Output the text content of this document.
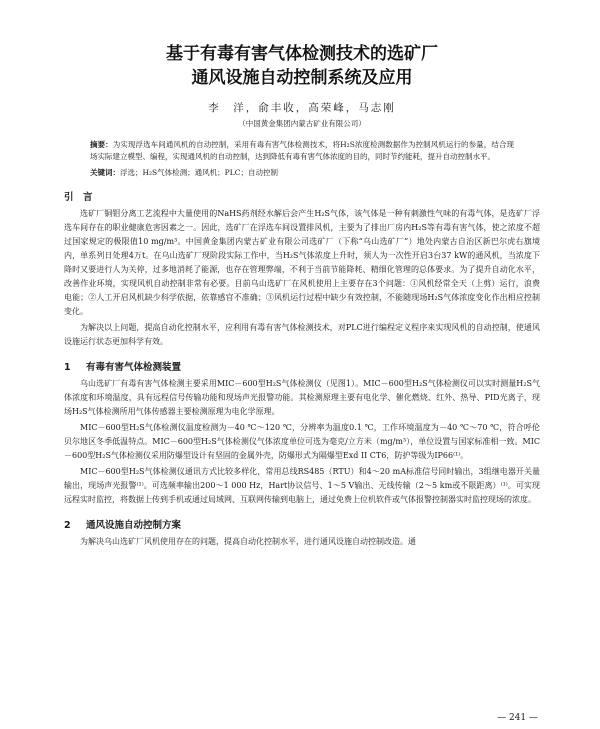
基于有毒有害气体检测技术的选矿厂
通风设施自动控制系统及应用
李　洋，俞丰收，高荣峰，马志刚
（中国黄金集团内蒙古矿业有限公司）
摘要：为实现浮选车间通风机的自动控制，采用有毒有害气体检测技术，将H₂S浓度检测数据作为控制风机运行的参量，结合现场实际建立模型、编程，实现通风机的自动控制，达到降低有毒有害气体浓度的目的，同时节约能耗，提升自动控制水平。
关键词：浮选；H₂S气体检测；通风机；PLC；自动控制
引　言

选矿厂铜钼分离工艺流程中大量使用的NaHS药剂经水解后会产生H₂S气体，该气体是一种有刺激性气味的有毒气体，是选矿厂浮选车间存在的职业健康危害因素之一。因此，选矿厂在浮选车间设置排风机，主要为了排出厂房内H₂S等有毒有害气体，使之浓度不超过国家规定的极限值10 mg/m³。中国黄金集团内蒙古矿业有限公司选矿厂（下称“乌山选矿厂”）地处内蒙古自治区新巴尔虎右旗境内，单系列日处理4万t。在乌山选矿厂现阶段实际工作中，当H₂S气体浓度上升时，须人为一次性开启3台37 kW的通风机，当浓度下降时又要进行人为关停，过多地消耗了能源，也存在管理弊端，不利于当前节能降耗、精细化管理的总体要求。为了提升自动化水平，改善作业环境，实现风机自动控制非常有必要。目前乌山选矿厂在风机使用上主要存在3个问题：①风机经常全天（上剪）运行，浪费电能；②人工开启风机缺少科学依据，依靠感官不准确；③风机运行过程中缺少有效控制，不能随现场H₂S气体浓度变化作出相应控制变化。

为解决以上问题，提高自动化控制水平，应利用有毒有害气体检测技术，对PLC进行编程定义程序来实现风机的自动控制，使通风设施运行状态更加科学有效。

1 有毒有害气体检测装置

乌山选矿厂有毒有害气体检测主要采用MIC－600型H₂S气体检测仪（见图1）。MIC－600型H₂S气体检测仪可以实时测量H₂S气体浓度和环境温度，具有远程信号传输功能和现场声光报警功能。其检测原理主要有电化学、催化燃烧、红外、热导、PID光离子，现场H₂S气体检测所用气体传感器主要检测原理为电化学原理。

MIC－600型H₂S气体检测仪温度检测为－40 ℃～120 ℃，分辨率为温度0.1 ℃，工作环境温度为－40 ℃～70 ℃，符合呼伦贝尔地区冬季低温特点。MIC－600型H₂S气体检测仪气体浓度单位可选为毫克/立方米（mg/m³），单位设置与国家标准相一致。MIC－600型H₂S气体检测仪采用防爆型设计有坚固的金属外壳，防爆形式为隔爆型Exd II CT6，防护等级为IP66⁽¹⁾。

MIC－600型H₂S气体检测仪通讯方式比较多样化，常用总线RS485（RTU）和4～20 mA标准信号同时输出，3组继电器开关量输出，现场声光报警⁽¹⁾。可选频率输出200～1 000 Hz，Hart协议信号、1～5 V输出、无线传输（2～5 km或不限距离）⁽¹⁾。可实现远程实时监控，将数据上传到手机或通过局域网、互联网传输到电脑上，通过免费上位机软件或气体报警控制器实时监控现场的浓度。

2 通风设施自动控制方案

为解决乌山选矿厂风机使用存在的问题，提高自动化控制水平，进行通风设施自动控制改造。通

— 241 —
